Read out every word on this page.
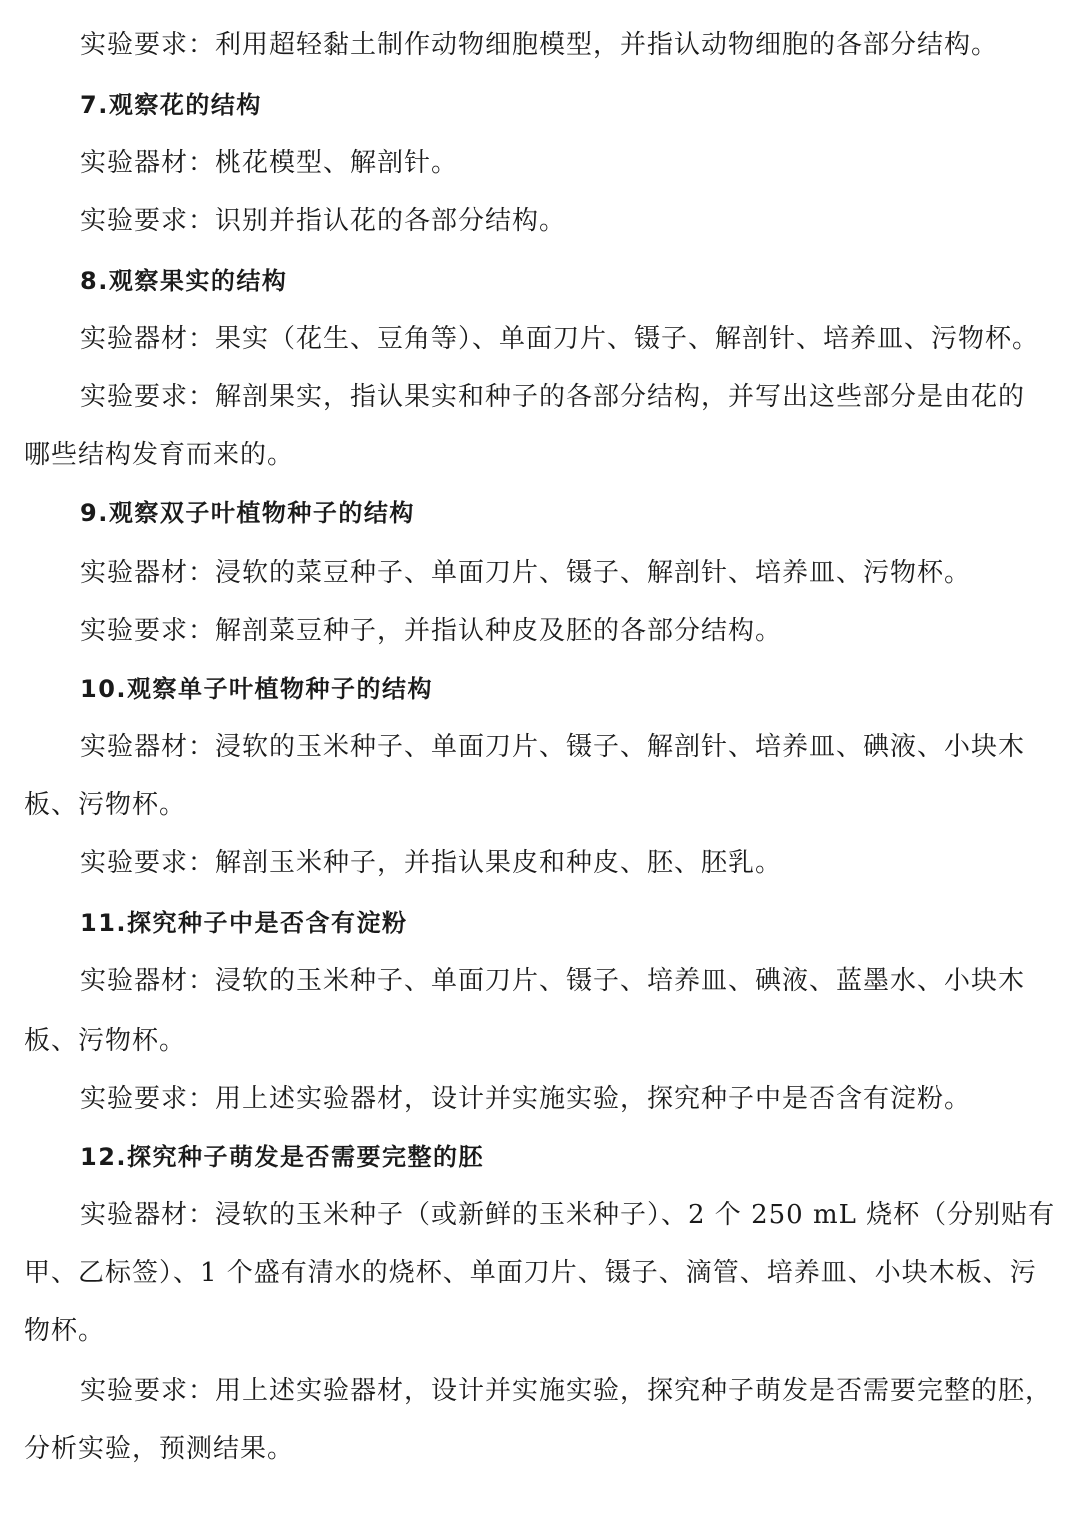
实验要求：利用超轻黏土制作动物细胞模型，并指认动物细胞的各部分结构。
7.观察花的结构
实验器材：桃花模型、解剖针。
实验要求：识别并指认花的各部分结构。
8.观察果实的结构
实验器材：果实（花生、豆角等）、单面刀片、镊子、解剖针、培养皿、污物杯。
实验要求：解剖果实，指认果实和种子的各部分结构，并写出这些部分是由花的
哪些结构发育而来的。
9.观察双子叶植物种子的结构
实验器材：浸软的菜豆种子、单面刀片、镊子、解剖针、培养皿、污物杯。
实验要求：解剖菜豆种子，并指认种皮及胚的各部分结构。
10.观察单子叶植物种子的结构
实验器材：浸软的玉米种子、单面刀片、镊子、解剖针、培养皿、碘液、小块木
板、污物杯。
实验要求：解剖玉米种子，并指认果皮和种皮、胚、胚乳。
11.探究种子中是否含有淀粉
实验器材：浸软的玉米种子、单面刀片、镊子、培养皿、碘液、蓝墨水、小块木
板、污物杯。
实验要求：用上述实验器材，设计并实施实验，探究种子中是否含有淀粉。
12.探究种子萌发是否需要完整的胚
实验器材：浸软的玉米种子（或新鲜的玉米种子）、2 个 250 mL 烧杯（分别贴有
甲、乙标签）、1 个盛有清水的烧杯、单面刀片、镊子、滴管、培养皿、小块木板、污
物杯。
实验要求：用上述实验器材，设计并实施实验，探究种子萌发是否需要完整的胚，
分析实验，预测结果。
